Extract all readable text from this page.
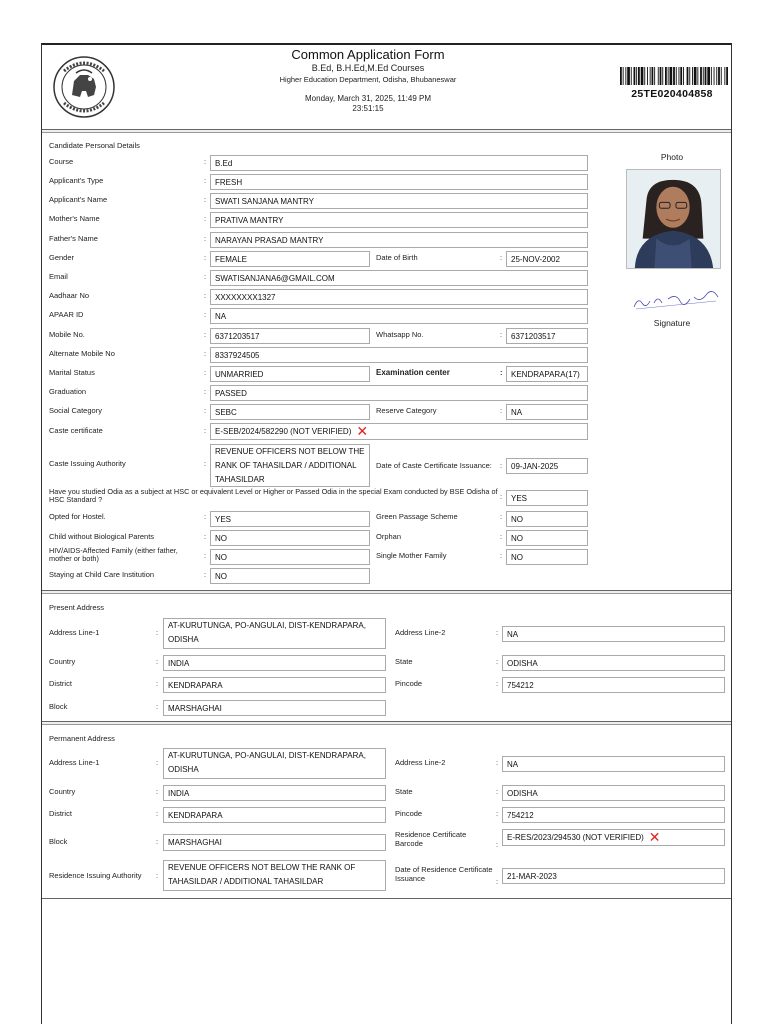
Common Application Form
B.Ed, B.H.Ed,M.Ed Courses
Higher Education Department, Odisha, Bhubaneswar
Monday, March 31, 2025, 11:49 PM
23:51:15
25TE020404858
Candidate Personal Details
Photo
Signature
Course	:	B.Ed
Applicant's Type	:	FRESH
Applicant's Name	:	SWATI SANJANA MANTRY
Mother's Name	:	PRATIVA MANTRY
Father's Name	:	NARAYAN PRASAD MANTRY
Gender	:	FEMALE	Date of Birth	:	25-NOV-2002
Email	:	SWATISANJANA6@GMAIL.COM
Aadhaar No	:	XXXXXXXX1327
APAAR ID	:	NA
Mobile No.	:	6371203517	Whatsapp No.	:	6371203517
Alternate Mobile No	:	8337924505
Marital Status	:	UNMARRIED	Examination center	:	KENDRAPARA(17)
Graduation	:	PASSED
Social Category	:	SEBC	Reserve Category	:	NA
Caste certificate	:	E-SEB/2024/582290 (NOT VERIFIED) ✕
Caste Issuing Authority	:
REVENUE OFFICERS NOT BELOW THE RANK OF TAHASILDAR / ADDITIONAL TAHASILDAR
Date of Caste Certificate Issuance: :	09-JAN-2025
Have you studied Odia as a subject at HSC or equivalent Level or Higher or Passed Odia in the special Exam conducted by BSE Odisha of HSC Standard ?	:	YES
Opted for Hostel.	:	YES	Green Passage Scheme	:	NO
Child without Biological Parents	:	NO	Orphan	:	NO
HIV/AIDS-Affected Family (either father, mother or both)	:	NO	Single Mother Family	:	NO
Staying at Child Care Institution	:	NO
Present Address
Address Line-1	:
AT-KURUTUNGA, PO-ANGULAI, DIST-KENDRAPARA, ODISHA
Address Line-2	:	NA
Country	:	INDIA	State	:	ODISHA
District	:	KENDRAPARA	Pincode	:	754212
Block	:	MARSHAGHAI
Permanent Address
Address Line-1	:
AT-KURUTUNGA, PO-ANGULAI, DIST-KENDRAPARA, ODISHA
Address Line-2	:	NA
Country	:	INDIA	State	:	ODISHA
District	:	KENDRAPARA	Pincode	:	754212
Block	:	MARSHAGHAI
Residence Certificate Barcode	:
E-RES/2023/294530 (NOT VERIFIED) ✕
Residence Issuing Authority :
REVENUE OFFICERS NOT BELOW THE RANK OF TAHASILDAR / ADDITIONAL TAHASILDAR
Date of Residence Certificate Issuance	:
21-MAR-2023
